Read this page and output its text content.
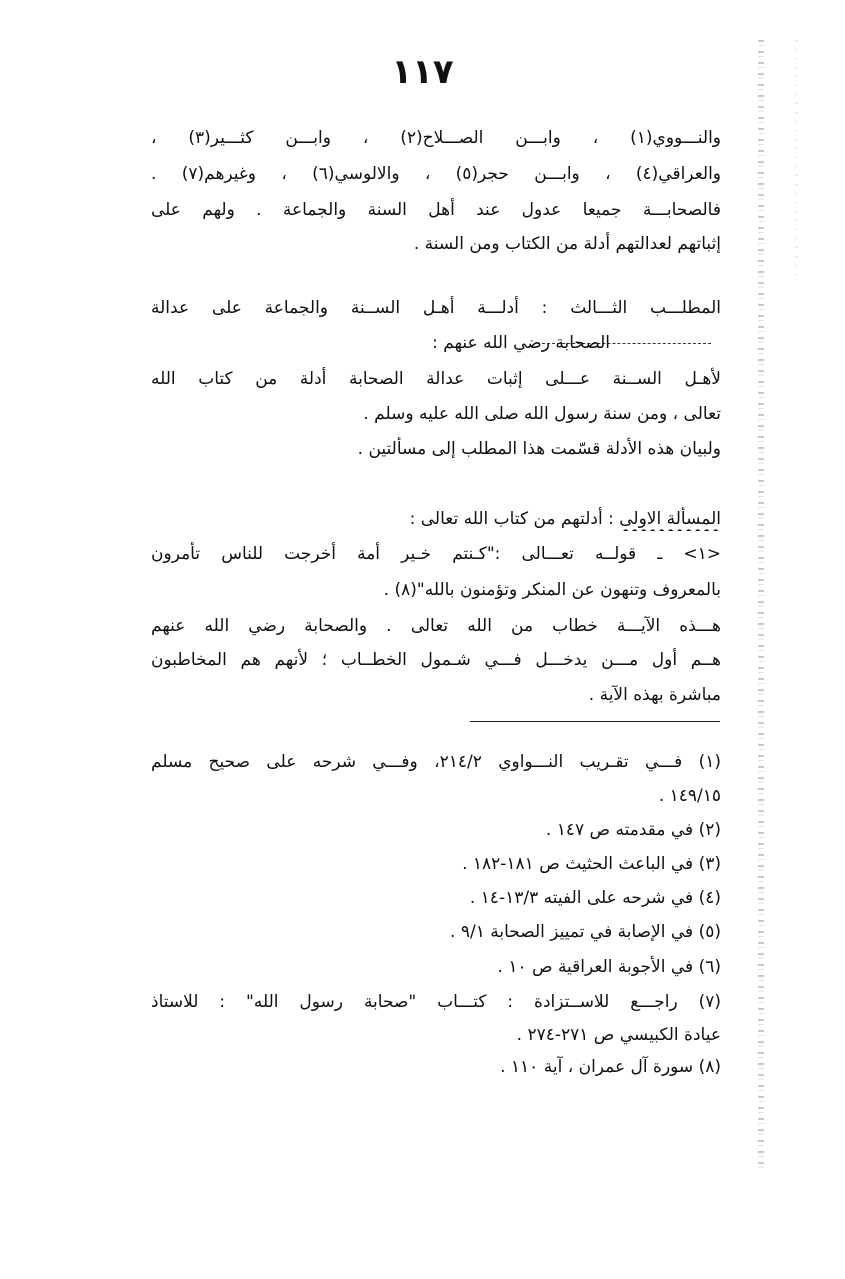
١١٧
والنـــووي(١) ، وابـــن الصـــلاح(٢) ، وابـــن كثـــير(٣) ،
والعراقي(٤) ، وابـــن حجر(٥) ، والالوسي(٦) ، وغيرهم(٧) .
فالصحابـــة جميعا عدول عند أهل السنة والجماعة . ولهم على
إثباتهم لعدالتهم أدلة من الكتاب ومن السنة .
المطلـــب الثـــالث : أدلـــة أهـل الســنة والجماعة على عدالة
الصحابة رضي الله عنهم :
لأهـل الســنة عـــلى إثبات عدالة الصحابة أدلة من كتاب الله
تعالى ، ومن سنة رسول الله صلى الله عليه وسلم .
ولبيان هذه الأدلة قسّمت هذا المطلب إلى مسألتين .
المسألة الاولى : أدلتهم من كتاب الله تعالى :
<١> ـ قولــه تعـــالى :"كـنتم خـير أمة أخرجت للناس تأمرون
بالمعروف وتنهون عن المنكر وتؤمنون بالله"(٨) .
هـــذه الآيـــة خطاب من الله تعالى . والصحابة رضي الله عنهم
هــم أول مـــن يدخـــل فـــي شـمول الخطــاب ؛ لأنهم هم المخاطبون
مباشرة بهذه الآية .
(١) فـــي تقـريب النـــواوي ٢١٤/٢، وفـــي شرحه على صحيح مسلم
١٤٩/١٥ .
(٢) في مقدمته ص ١٤٧ .
(٣) في الباعث الحثيث ص ١٨١-١٨٢ .
(٤) في شرحه على الفيته ١٣/٣-١٤ .
(٥) في الإصابة في تمييز الصحابة ٩/١ .
(٦) في الأجوبة العراقية ص ١٠ .
(٧) راجـــع للاســتزادة : كتـــاب "صحابة رسول الله" : للاستاذ
عيادة الكبيسي ص ٢٧١-٢٧٤ .
(٨) سورة آل عمران ، آية ١١٠ .
